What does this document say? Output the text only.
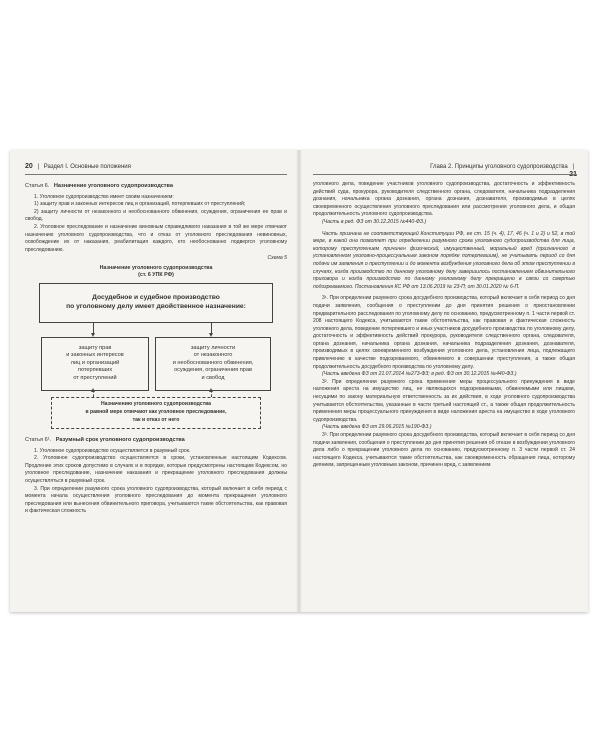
20 | Раздел I. Основные положения
Статья 6. Назначение уголовного судопроизводства

1. Уголовное судопроизводство имеет своим назначением:

1) защиту прав и законных интересов лиц и организаций, потерпевших от преступлений;

2) защиту личности от незаконного и необоснованного обвинения, осуждения, ограничения ее прав и свобод.

2. Уголовное преследование и назначение виновным справедливого наказания в той же мере отвечают назначению уголовного судопроизводства, что и отказ от уголовного преследования невиновных, освобождение их от наказания, реабилитация каждого, кто необоснованно подвергся уголовному преследованию.

Схема 5
Назначение уголовного судопроизводства
(ст. 6 УПК РФ)
Досудебное и судебное производство
по уголовному делу имеет двойственное назначение:
защиту прав
и законных интересов
лиц и организаций
потерпевших
от преступлений
защиту личности
от незаконного
и необоснованного обвинения,
осуждения, ограничения прав
и свобод
Назначению уголовного судопроизводства
в равной мере отвечают как уголовное преследование,
так и отказ от него
Статья 6¹. Разумный срок уголовного судопроизводства

1. Уголовное судопроизводство осуществляется в разумный срок.

2. Уголовное судопроизводство осуществляется в сроки, установленные настоящим Кодексом. Продление этих сроков допустимо в случаях и в порядке, которые предусмотрены настоящим Кодексом, но уголовное преследование, назначение наказания и прекращение уголовного преследования должны осуществляться в разумный срок.

3. При определении разумного срока уголовного судопроизводства, который включает в себя период с момента начала осуществления уголовного преследования до момента прекращения уголовного преследования или вынесения обвинительного приговора, учитываются такие обстоятельства, как правовая и фактическая сложность

Глава 2. Принципы уголовного судопроизводства | 21

уголовного дела, поведение участников уголовного судопроизводства, достаточность и эффективность действий суда, прокурора, руководителя следственного органа, следователя, начальника подразделения дознания, начальника органа дознания, органа дознания, дознавателя, производимых в целях своевременного осуществления уголовного преследования или рассмотрения уголовного дела, и общая продолжительность уголовного судопроизводства.

(Часть в ред. ФЗ от 30.12.2015 №440-ФЗ.)

Часть признана не соответствующей Конституции РФ, ее ст. 15 (ч. 4), 17, 46 (ч. 1 и 2) и 52, в той мере, в какой она позволяет при определении разумного срока уголовного судопроизводства для лица, которому преступлением причинен физический, имущественный, моральный вред (признанного в установленном уголовно-процессуальным законом порядке потерпевшим), не учитывать период со дня подачи им заявления о преступлении и до момента возбуждения уголовного дела об этом преступлении в случаях, когда производство по данному уголовному делу завершилось постановлением обвинительного приговора и когда производство по данному уголовному делу прекращено в связи со смертью подозреваемого. Постановления КС РФ от 13.06.2019 № 23-П; от 30.01.2020 № 6-П.

3¹. При определении разумного срока досудебного производства, который включает в себя период со дня подачи заявления, сообщения о преступлении до дня принятия решения о приостановлении предварительного расследования по уголовному делу по основанию, предусмотренному п. 1 части первой ст. 208 настоящего Кодекса, учитываются такие обстоятельства, как правовая и фактическая сложность уголовного дела, поведение потерпевшего и иных участников досудебного производства по уголовному делу, достаточность и эффективность действий прокурора, руководителя следственного органа, следователя, органа дознания, начальника органа дознания, начальника подразделения дознания, дознавателя, производимых в целях своевременного возбуждения уголовного дела, установления лица, подлежащего привлечению в качестве подозреваемого, обвиняемого в совершении преступления, а также общая продолжительность досудебного производства по уголовному делу.

(Часть введена ФЗ от 21.07.2014 №273-ФЗ; в ред. ФЗ от 30.12.2015 №440-ФЗ.)

3². При определении разумного срока применения меры процессуального принуждения в виде наложения ареста на имущество лиц, не являющихся подозреваемыми, обвиняемыми или лицами, несущими по закону материальную ответственность за их действия, в ходе уголовного судопроизводства учитываются обстоятельства, указанные в части третьей настоящей ст., а также общая продолжительность применения меры процессуального принуждения в виде наложения ареста на имущество в ходе уголовного судопроизводства.

(Часть введена ФЗ от 29.06.2015 №190-ФЗ.)

3³. При определении разумного срока досудебного производства, который включает в себя период со дня подачи заявления, сообщения о преступлении до дня принятия решения об отказе в возбуждении уголовного дела либо о прекращении уголовного дела по основанию, предусмотренному п. 3 части первой ст. 24 настоящего Кодекса, учитываются такие обстоятельства, как своевременность обращения лица, которому деянием, запрещенным уголовным законом, причинен вред, с заявлением
